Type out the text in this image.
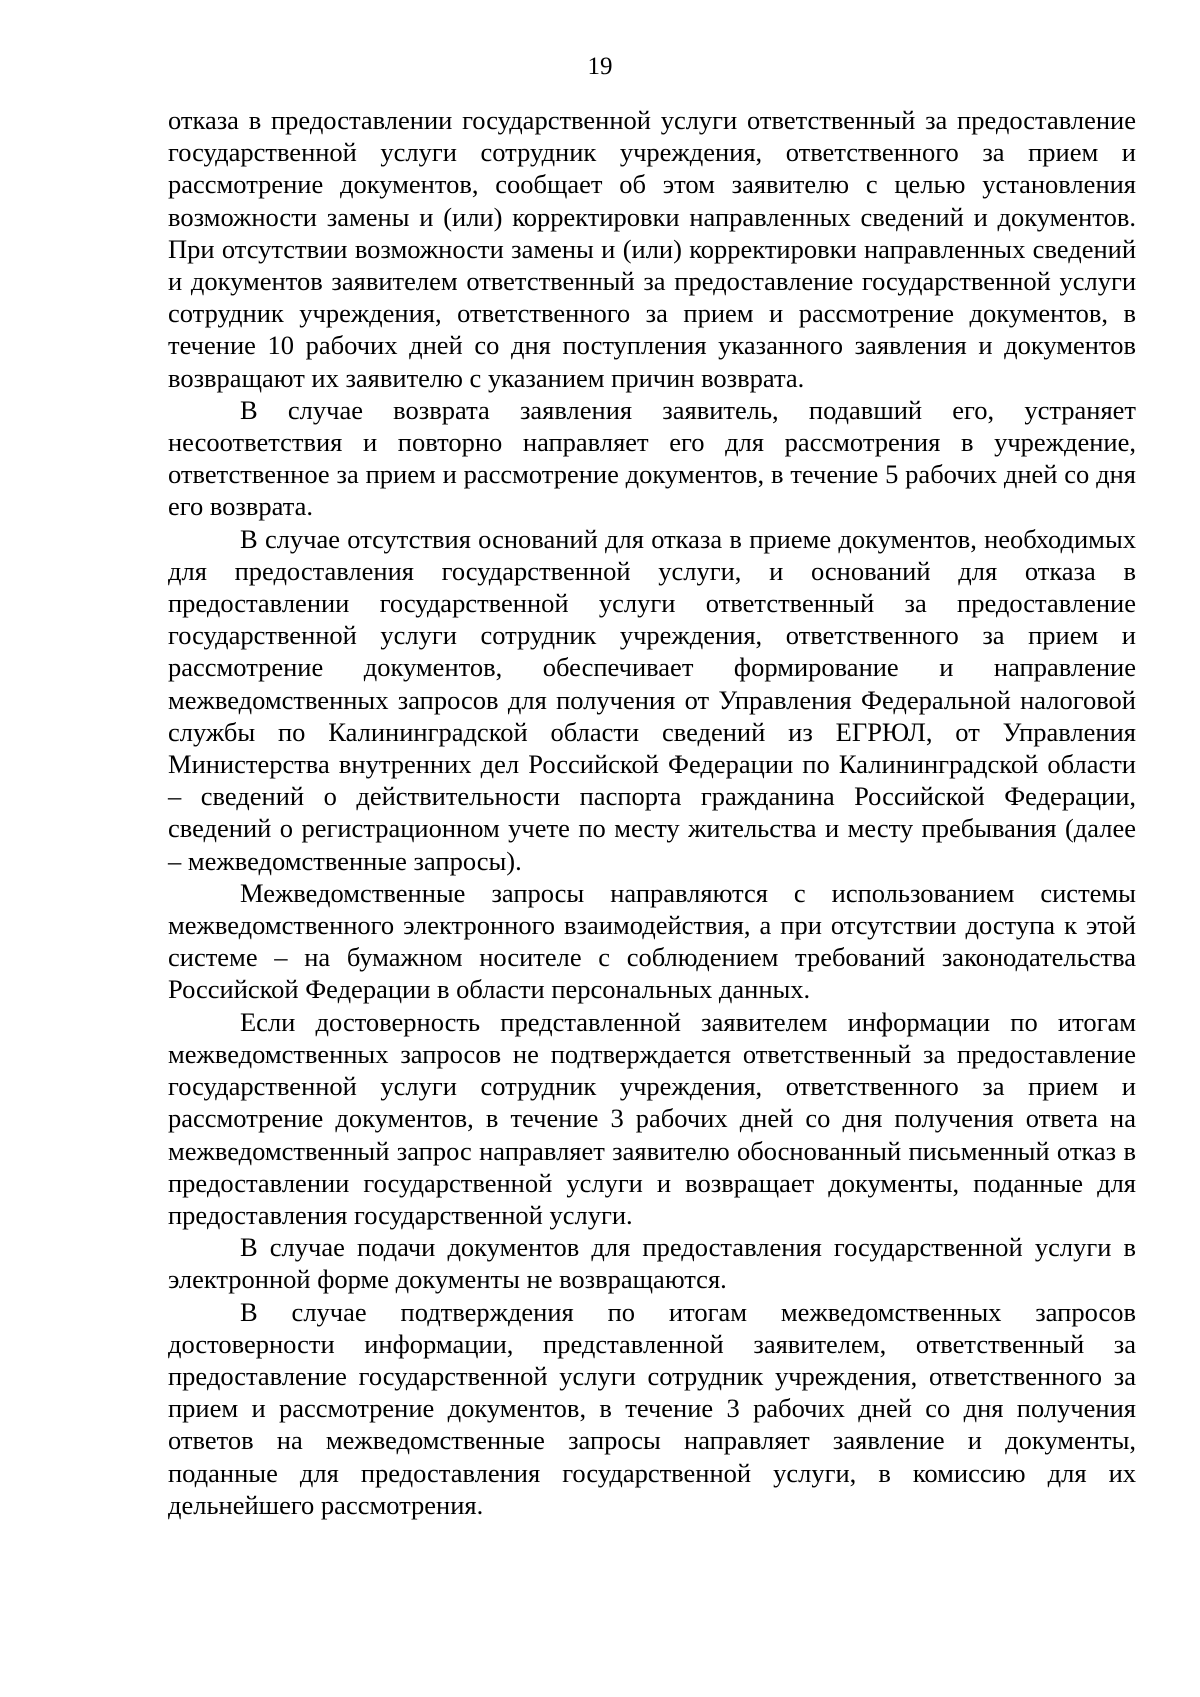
19

отказа в предоставлении государственной услуги ответственный за предоставление государственной услуги сотрудник учреждения, ответственного за прием и рассмотрение документов, сообщает об этом заявителю с целью установления возможности замены и (или) корректировки направленных сведений и документов. При отсутствии возможности замены и (или) корректировки направленных сведений и документов заявителем ответственный за предоставление государственной услуги сотрудник учреждения, ответственного за прием и рассмотрение документов, в течение 10 рабочих дней со дня поступления указанного заявления и документов возвращают их заявителю с указанием причин возврата.

В случае возврата заявления заявитель, подавший его, устраняет несоответствия и повторно направляет его для рассмотрения в учреждение, ответственное за прием и рассмотрение документов, в течение 5 рабочих дней со дня его возврата.

В случае отсутствия оснований для отказа в приеме документов, необходимых для предоставления государственной услуги, и оснований для отказа в предоставлении государственной услуги ответственный за предоставление государственной услуги сотрудник учреждения, ответственного за прием и рассмотрение документов, обеспечивает формирование и направление межведомственных запросов для получения от Управления Федеральной налоговой службы по Калининградской области сведений из ЕГРЮЛ, от Управления Министерства внутренних дел Российской Федерации по Калининградской области – сведений о действительности паспорта гражданина Российской Федерации, сведений о регистрационном учете по месту жительства и месту пребывания (далее – межведомственные запросы).

Межведомственные запросы направляются с использованием системы межведомственного электронного взаимодействия, а при отсутствии доступа к этой системе – на бумажном носителе с соблюдением требований законодательства Российской Федерации в области персональных данных.

Если достоверность представленной заявителем информации по итогам межведомственных запросов не подтверждается ответственный за предоставление государственной услуги сотрудник учреждения, ответственного за прием и рассмотрение документов, в течение 3 рабочих дней со дня получения ответа на межведомственный запрос направляет заявителю обоснованный письменный отказ в предоставлении государственной услуги и возвращает документы, поданные для предоставления государственной услуги.

В случае подачи документов для предоставления государственной услуги в электронной форме документы не возвращаются.

В случае подтверждения по итогам межведомственных запросов достоверности информации, представленной заявителем, ответственный за предоставление государственной услуги сотрудник учреждения, ответственного за прием и рассмотрение документов, в течение 3 рабочих дней со дня получения ответов на межведомственные запросы направляет заявление и документы, поданные для предоставления государственной услуги, в комиссию для их дельнейшего рассмотрения.
